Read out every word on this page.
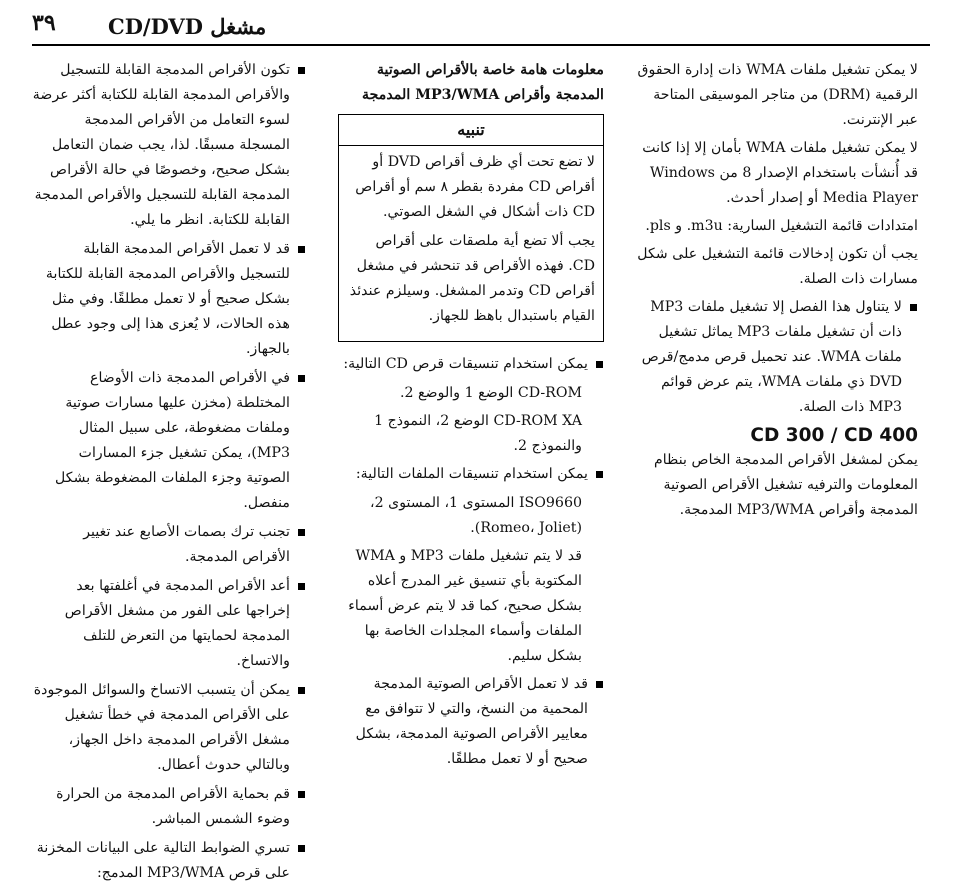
٣٩ مشغل CD/DVD

لا يمكن تشغيل ملفات WMA ذات إدارة الحقوق الرقمية (DRM) من متاجر الموسيقى المتاحة عبر الإنترنت.

لا يمكن تشغيل ملفات WMA بأمان إلا إذا كانت قد أُنشأت باستخدام الإصدار 8 من Windows Media Player أو إصدار أحدث.

امتدادات قائمة التشغيل السارية: m3u. و pls.

يجب أن تكون إدخالات قائمة التشغيل على شكل مسارات ذات الصلة.

لا يتناول هذا الفصل إلا تشغيل ملفات MP3 ذات أن تشغيل ملفات MP3 يماثل تشغيل ملفات WMA. عند تحميل قرص مدمج/قرص DVD ذي ملفات WMA، يتم عرض قوائم MP3 ذات الصلة.

CD 300 / CD 400

يمكن لمشغل الأقراص المدمجة الخاص بنظام المعلومات والترفيه تشغيل الأقراص الصوتية المدمجة وأقراص MP3/WMA المدمجة.

معلومات هامة خاصة بالأقراص الصوتية المدمجة وأقراص MP3/WMA المدمجة

تنبيه

لا تضع تحت أي ظرف أقراص DVD أو أقراص CD مفردة بقطر ٨ سم أو أقراص CD ذات أشكال في الشغل الصوتي.

يجب ألا تضع أية ملصقات على أقراص CD. فهذه الأقراص قد تنحشر في مشغل أقراص CD وتدمر المشغل. وسيلزم عندئذ القيام باستبدال باهظ للجهاز.

يمكن استخدام تنسيقات قرص CD التالية:

CD-ROM الوضع 1 والوضع 2.

CD-ROM XA الوضع 2، النموذج 1 والنموذج 2.

يمكن استخدام تنسيقات الملفات التالية:

ISO9660 المستوى 1، المستوى 2، (Romeo، Joliet).

قد لا يتم تشغيل ملفات MP3 و WMA المكتوبة بأي تنسيق غير المدرج أعلاه بشكل صحيح، كما قد لا يتم عرض أسماء الملفات وأسماء المجلدات الخاصة بها بشكل سليم.

قد لا تعمل الأقراص الصوتية المدمجة المحمية من النسخ، والتي لا تتوافق مع معايير الأقراص الصوتية المدمجة، بشكل صحيح أو لا تعمل مطلقًا.

تكون الأقراص المدمجة القابلة للتسجيل والأقراص المدمجة القابلة للكتابة أكثر عرضة لسوء التعامل من الأقراص المدمجة المسجلة مسبقًا. لذا، يجب ضمان التعامل بشكل صحيح، وخصوصًا في حالة الأقراص المدمجة القابلة للتسجيل والأقراص المدمجة القابلة للكتابة. انظر ما يلي.

قد لا تعمل الأقراص المدمجة القابلة للتسجيل والأقراص المدمجة القابلة للكتابة بشكل صحيح أو لا تعمل مطلقًا. وفي مثل هذه الحالات، لا يُعزى هذا إلى وجود عطل بالجهاز.

في الأقراص المدمجة ذات الأوضاع المختلطة (مخزن عليها مسارات صوتية وملفات مضغوطة، على سبيل المثال MP3)، يمكن تشغيل جزء المسارات الصوتية وجزء الملفات المضغوطة بشكل منفصل.

تجنب ترك بصمات الأصابع عند تغيير الأقراص المدمجة.

أعد الأقراص المدمجة في أغلفتها بعد إخراجها على الفور من مشغل الأقراص المدمجة لحمايتها من التعرض للتلف والاتساخ.

يمكن أن يتسبب الاتساخ والسوائل الموجودة على الأقراص المدمجة في خطأ تشغيل مشغل الأقراص المدمجة داخل الجهاز، وبالتالي حدوث أعطال.

قم بحماية الأقراص المدمجة من الحرارة وضوء الشمس المباشر.

تسري الضوابط التالية على البيانات المخزنة على قرص MP3/WMA المدمج:
